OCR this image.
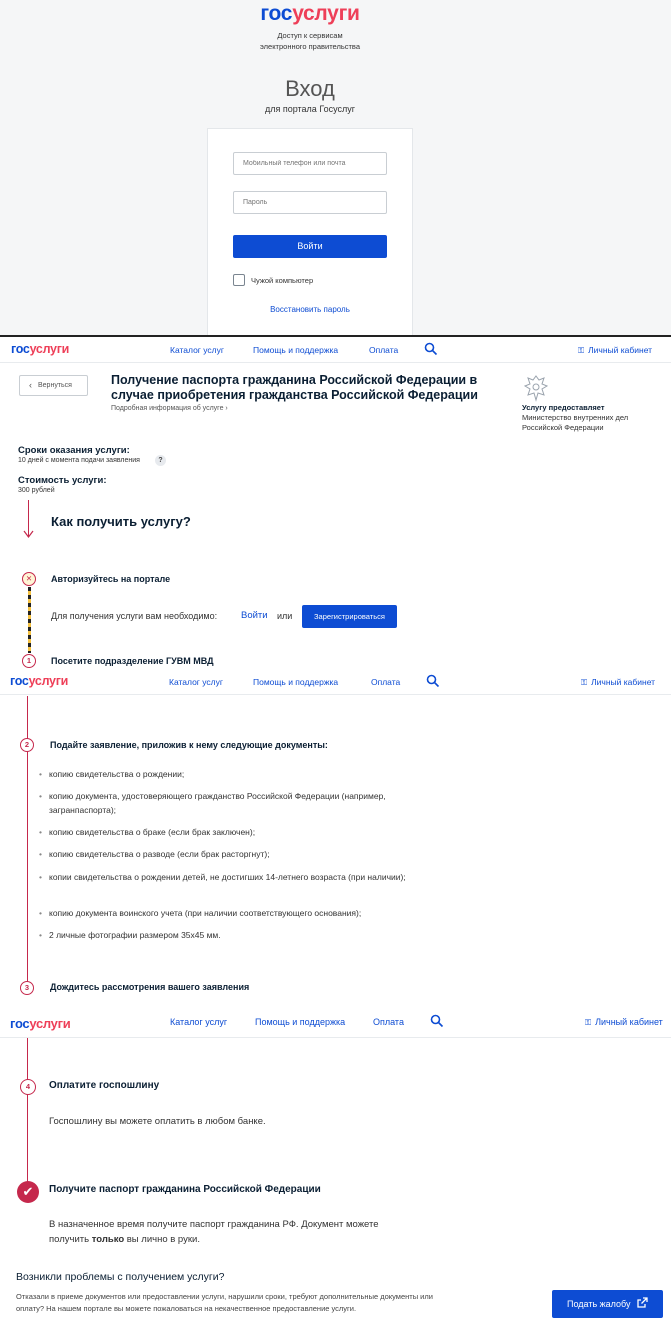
госуслуги
Доступ к сервисам
электронного правительства
Вход
для портала Госуслуг
Мобильный телефон или почта
Войти
Чужой компьютер
Восстановить пароль
госуслуги	Каталог услуг	Помощь и поддержка	Оплата	⚿ Личный кабинет
‹ Вернуться	Получение паспорта гражданина Российской Федерации в случае приобретения гражданства Российской Федерации
Подробная информация об услуге ›	Услугу предоставляет
Министерство внутренних дел Российской Федерации
Сроки оказания услуги:
10 дней с момента подачи заявления	?
Стоимость услуги:
300 рублей
Как получить услугу?
✕	Авторизуйтесь на портале
Для получения услуги вам необходимо:	Войти или	Зарегистрироваться
1	Посетите подразделение ГУВМ МВД
госуслуги	Каталог услуг	Помощь и поддержка	Оплата	⚿ Личный кабинет
2	Подайте заявление, приложив к нему следующие документы:
• копию свидетельства о рождении;
• копию документа, удостоверяющего гражданство Российской Федерации (например, загранпаспорта);
• копию свидетельства о браке (если брак заключен);
• копию свидетельства о разводе (если брак расторгнут);
• копии свидетельства о рождении детей, не достигших 14-летнего возраста (при наличии);
• копию документа воинского учета (при наличии соответствующего основания);
• 2 личные фотографии размером 35х45 мм.
3	Дождитесь рассмотрения вашего заявления
госуслуги	Каталог услуг	Помощь и поддержка	Оплата	⚿ Личный кабинет
4	Оплатите госпошлину
Госпошлину вы можете оплатить в любом банке.
✔	Получите паспорт гражданина Российской Федерации
В назначенное время получите паспорт гражданина РФ. Документ можете
получить только вы лично в руки.
Возникли проблемы с получением услуги?
Отказали в приеме документов или предоставлении услуги, нарушили сроки, требуют дополнительные документы или оплату? На нашем портале вы можете пожаловаться на некачественное предоставление услуги.	Подать жалобу
